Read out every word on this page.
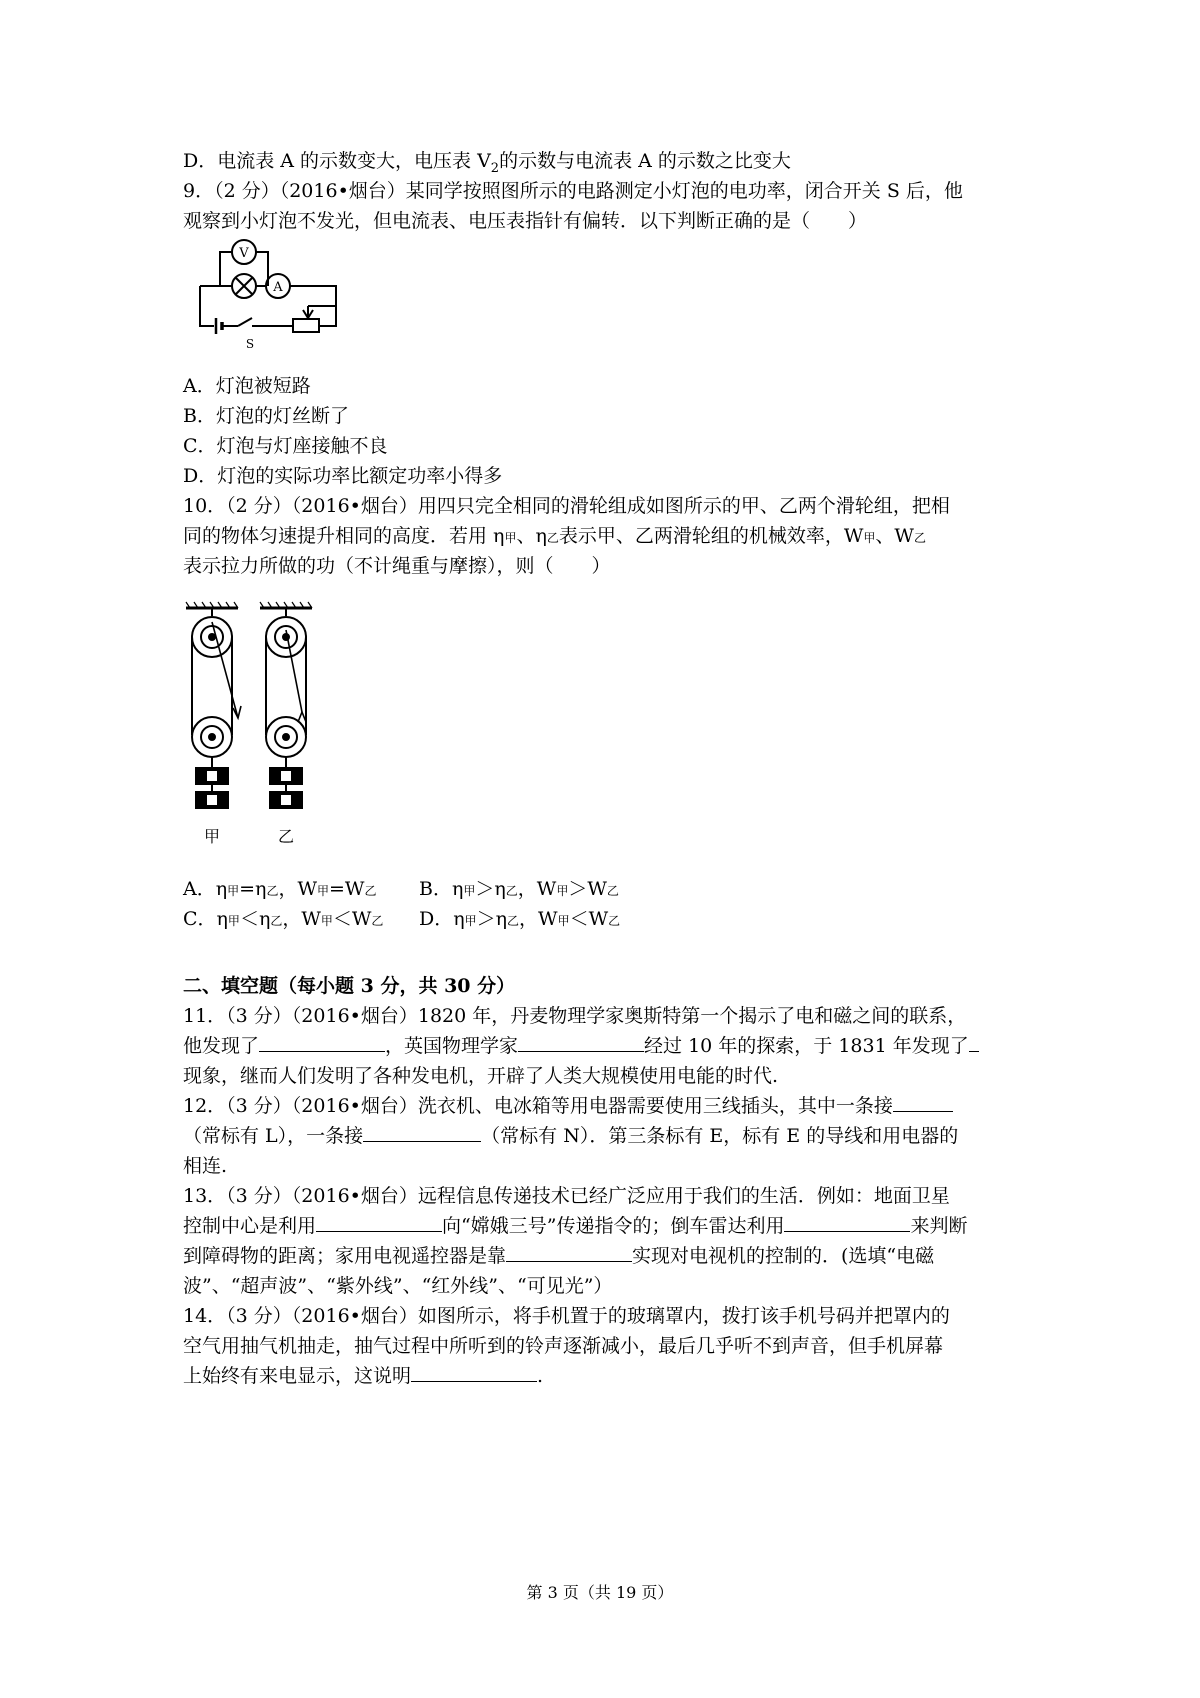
D．电流表 A 的示数变大，电压表 $V_2$的示数与电流表 A 的示数之比变大
9．（2 分）（2016•烟台）某同学按照图所示的电路测定小灯泡的电功率，闭合开关 S 后，他
观察到小灯泡不发光，但电流表、电压表指针有偏转．以下判断正确的是（　　）
V
A
S
A．灯泡被短路
B．灯泡的灯丝断了
C．灯泡与灯座接触不良
D．灯泡的实际功率比额定功率小得多
10．（2 分）（2016•烟台）用四只完全相同的滑轮组成如图所示的甲、乙两个滑轮组，把相
同的物体匀速提升相同的高度．若用 η甲、η乙表示甲、乙两滑轮组的机械效率，W甲、W乙
表示拉力所做的功（不计绳重与摩擦），则（　　）
甲	乙
A．η甲=η乙，W甲=W乙 B．η甲＞η乙，W甲＞W乙
C．η甲＜η乙，W甲＜W乙 D．η甲＞η乙，W甲＜W乙
二、填空题（每小题 3 分，共 30 分）
11．（3 分）（2016•烟台）1820 年，丹麦物理学家奥斯特第一个揭示了电和磁之间的联系，
他发现了	，英国物理学家	经过 10 年的探索，于 1831 年发现了
现象，继而人们发明了各种发电机，开辟了人类大规模使用电能的时代.
12．（3 分）（2016•烟台）洗衣机、电冰箱等用电器需要使用三线插头，其中一条接
（常标有 L），一条接	（常标有 N）．第三条标有 E，标有 E 的导线和用电器的
相连.
13．（3 分）（2016•烟台）远程信息传递技术已经广泛应用于我们的生活．例如：地面卫星
控制中心是利用	向“嫦娥三号”传递指令的；倒车雷达利用	来判断
到障碍物的距离；家用电视遥控器是靠	实现对电视机的控制的．(选填“电磁
波”、“超声波”、“紫外线”、“红外线”、“可见光”）
14．（3 分）（2016•烟台）如图所示，将手机置于的玻璃罩内，拨打该手机号码并把罩内的
空气用抽气机抽走，抽气过程中所听到的铃声逐渐减小，最后几乎听不到声音，但手机屏幕
上始终有来电显示，这说明	.
第 3 页（共 19 页）
